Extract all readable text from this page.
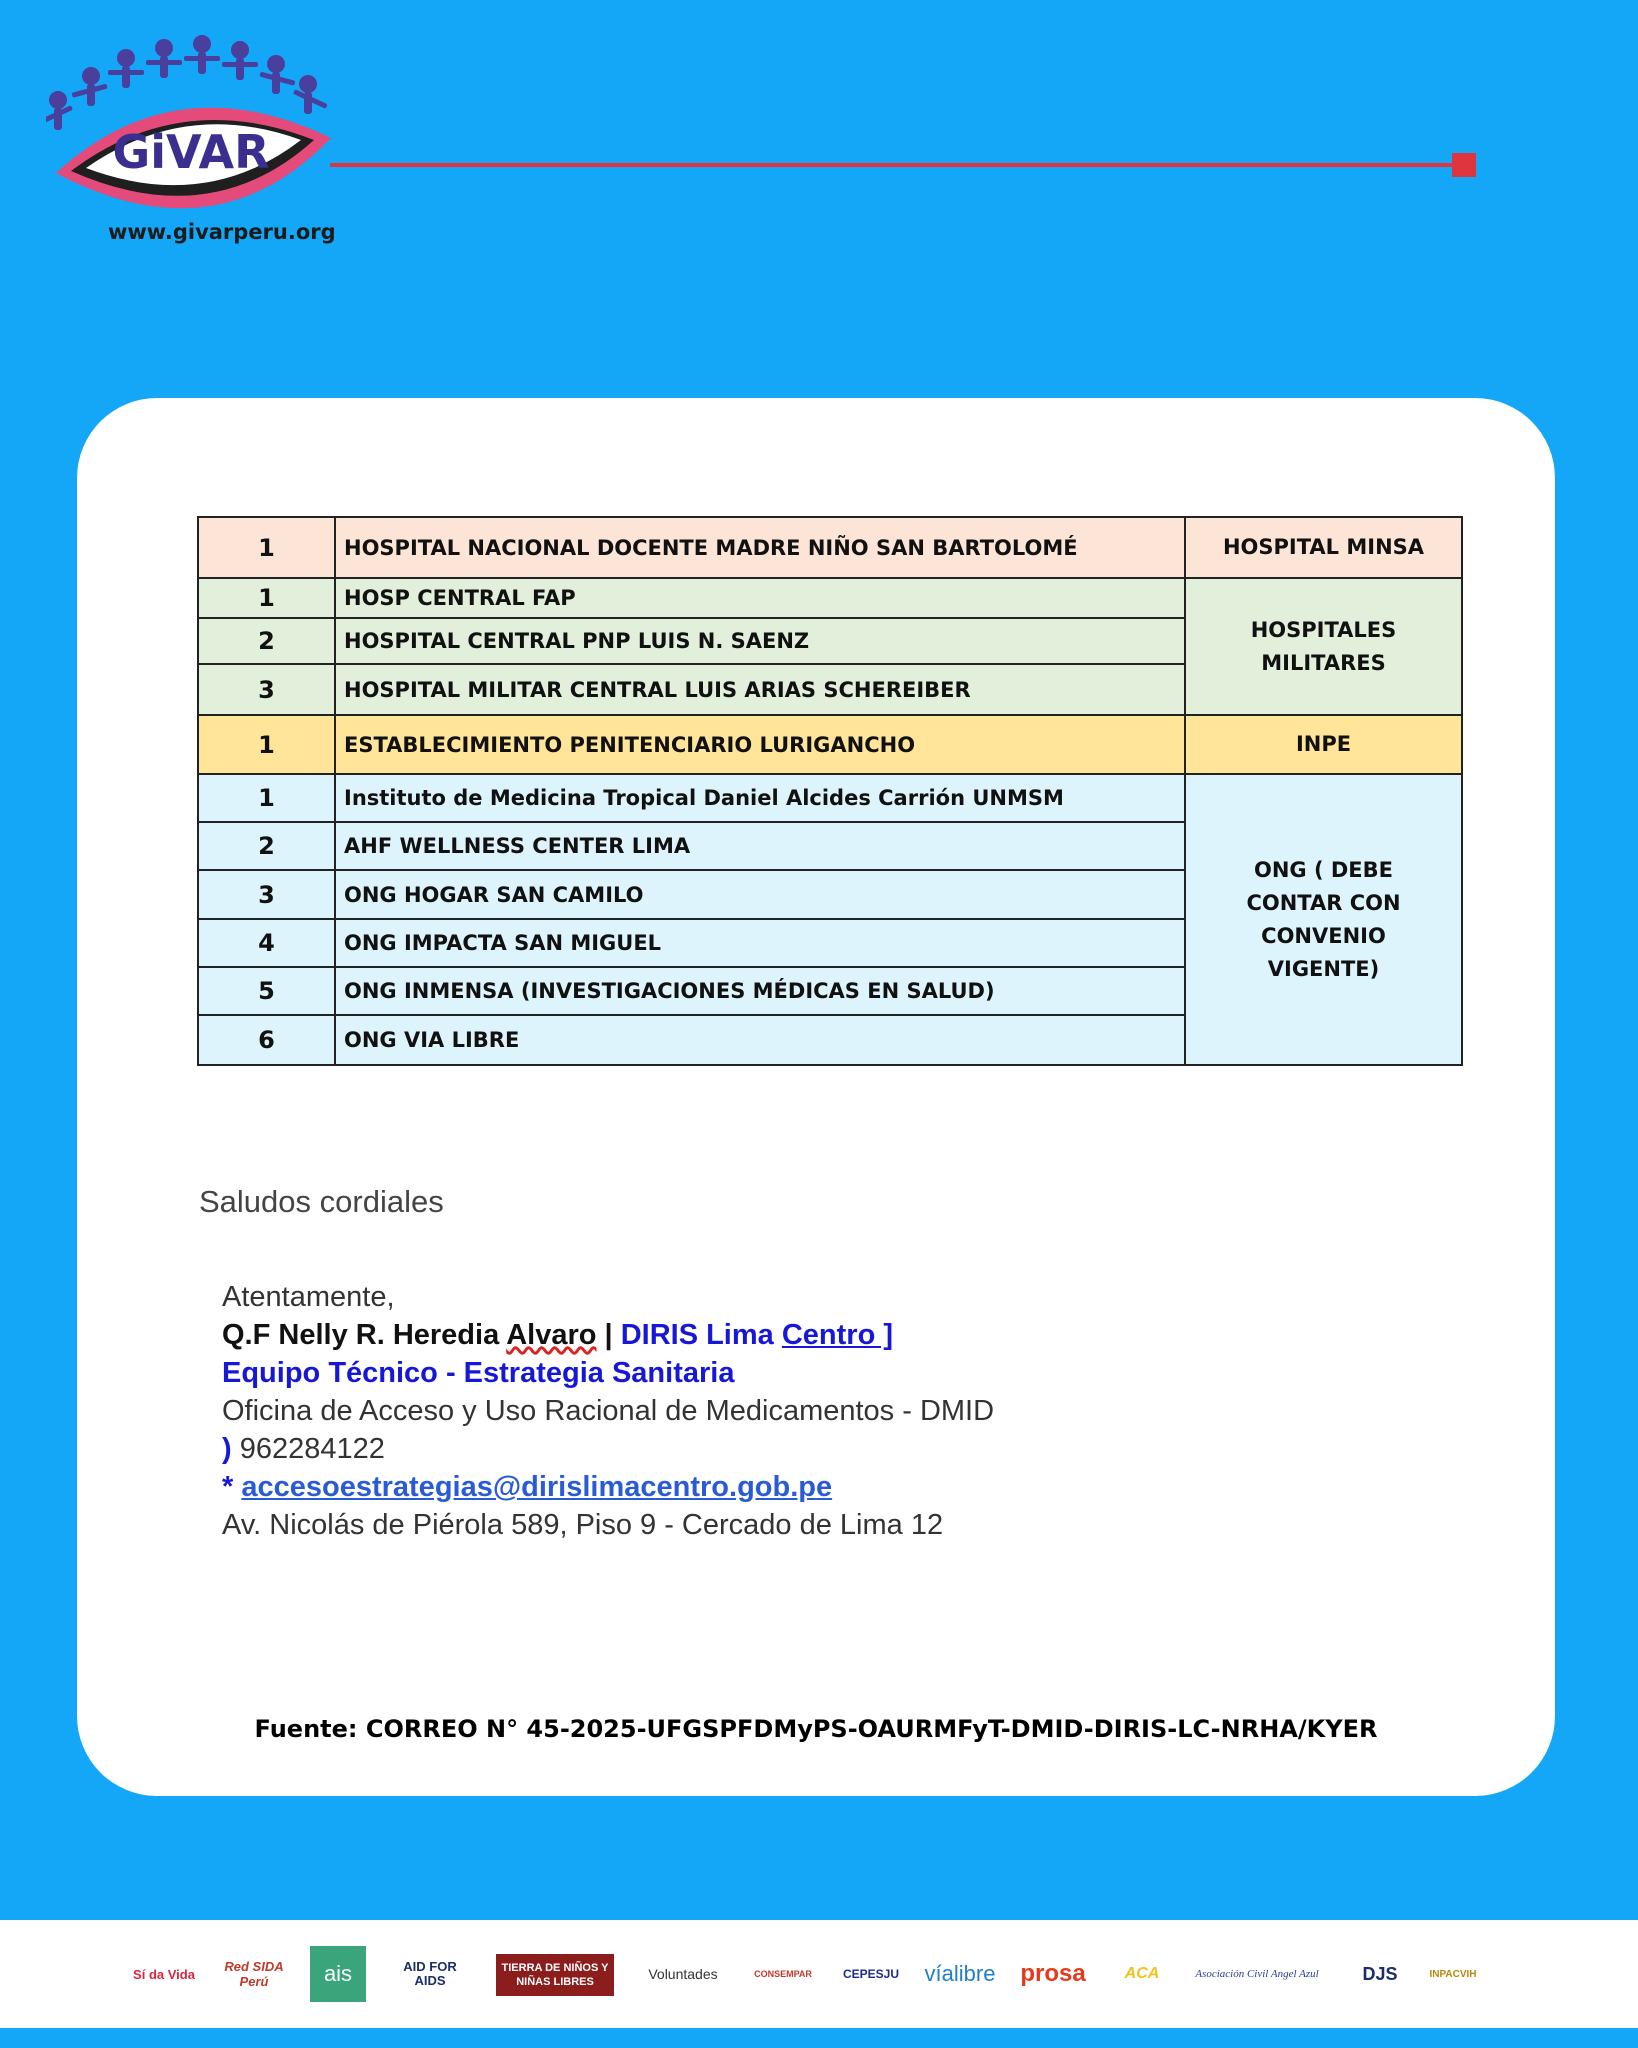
GiVAR
www.givarperu.org
1	HOSPITAL NACIONAL DOCENTE MADRE NIÑO SAN BARTOLOMÉ	HOSPITAL MINSA
1	HOSP CENTRAL FAP	HOSPITALES MILITARES
2	HOSPITAL CENTRAL PNP LUIS N. SAENZ	
3	HOSPITAL MILITAR CENTRAL LUIS ARIAS SCHEREIBER	
1	ESTABLECIMIENTO PENITENCIARIO LURIGANCHO	INPE
1	Instituto de Medicina Tropical Daniel Alcides Carrión UNMSM	ONG ( DEBE CONTAR CON CONVENIO VIGENTE)
2	AHF WELLNESS CENTER LIMA	
3	ONG HOGAR SAN CAMILO	
4	ONG IMPACTA SAN MIGUEL	
5	ONG INMENSA (INVESTIGACIONES MÉDICAS EN SALUD)	
6	ONG VIA LIBRE	
Saludos cordiales
Atentamente,
Q.F Nelly R. Heredia Alvaro | DIRIS Lima Centro ]
Equipo Técnico - Estrategia Sanitaria
Oficina de Acceso y Uso Racional de Medicamentos - DMID
) 962284122
* accesoestrategias@dirislimacentro.gob.pe
Av. Nicolás de Piérola 589, Piso 9 - Cercado de Lima 12
Fuente: CORREO N° 45-2025-UFGSPFDMyPS-OAURMFyT-DMID-DIRIS-LC-NRHA/KYER
Sí da Vida	Red SIDA Perú	ais	AID FOR AIDS
TIERRA DE NIÑOS Y NIÑAS LIBRES	Voluntades	CONSEMPAR	CEPESJU víalibre prosa ACA	Asociación Civil Angel Azul DJS	INPACVIH
